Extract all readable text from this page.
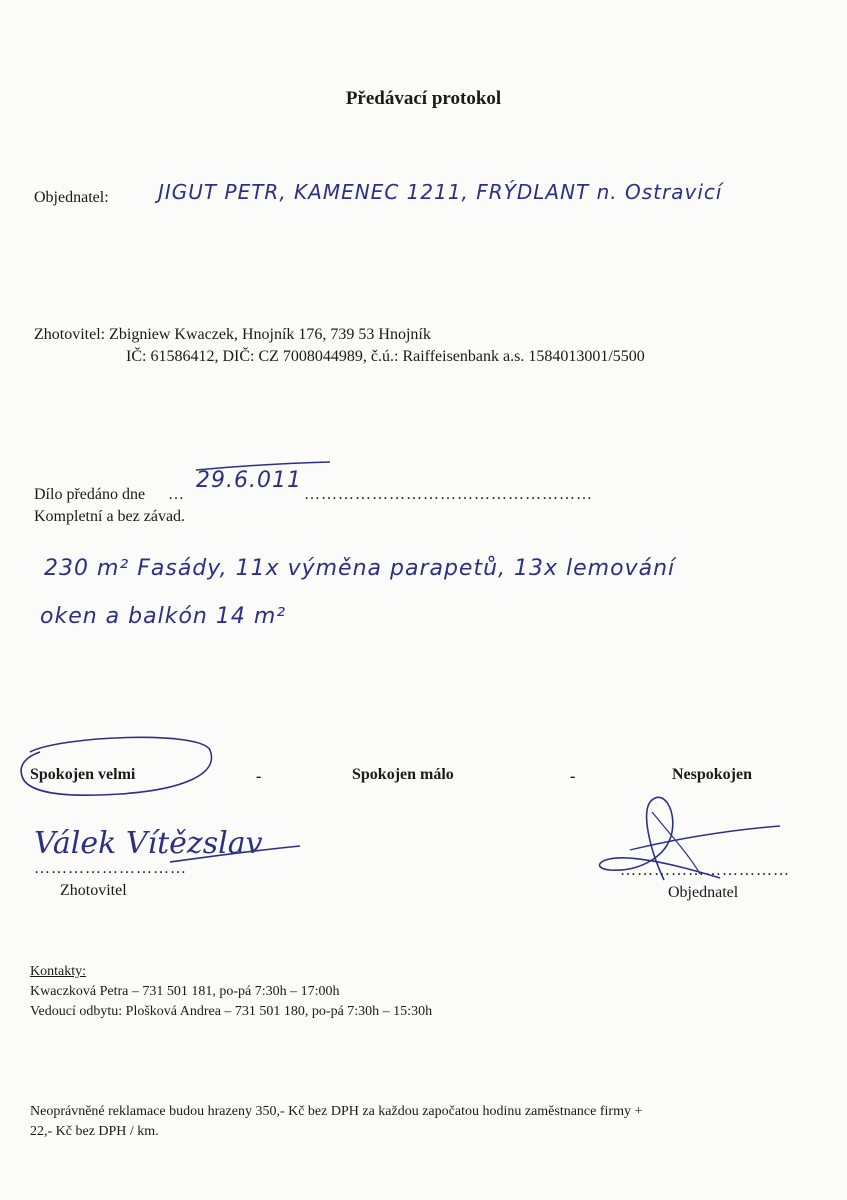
Předávací protokol
Objednatel: JIGUT PETR, KAMENEC 1211, FRÝDLANT n. Ostravicí
Zhotovitel: Zbigniew Kwaczek, Hnojník 176, 739 53 Hnojník
IČ: 61586412, DIČ: CZ 7008044989, č.ú.: Raiffeisenbank a.s. 1584013001/5500
Dílo předáno dne …
29.6.011
……………………………………………
Kompletní a bez závad.
230 m² Fasády, 11x výměna parapetů, 13x lemování
oken a balkón 14 m²
Spokojen velmi	-	Spokojen málo	-	Nespokojen
Válek Vítězslav
………………………
Zhotovitel
…………………………
Objednatel
Kontakty:
Kwaczková Petra – 731 501 181, po-pá 7:30h – 17:00h
Vedoucí odbytu: Plošková Andrea – 731 501 180, po-pá 7:30h – 15:30h
Neoprávněné reklamace budou hrazeny 350,- Kč bez DPH za každou započatou hodinu zaměstnance firmy +
22,- Kč bez DPH / km.
